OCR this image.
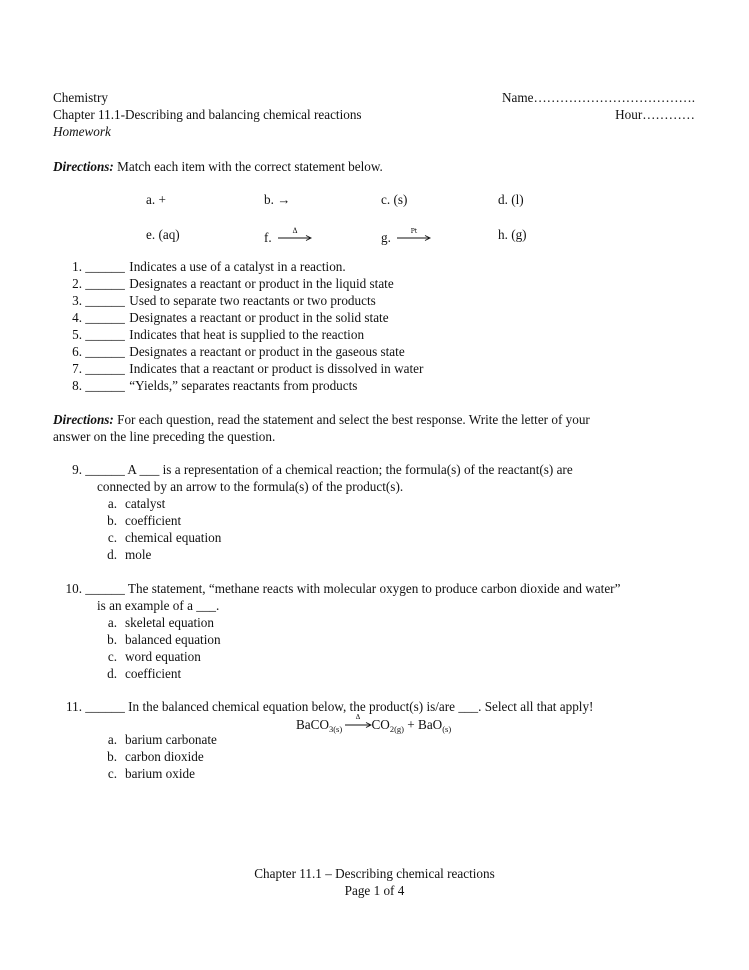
Chemistry
Chapter 11.1-Describing and balancing chemical reactions
Homework
Name……………………………….
Hour…………
Directions: Match each item with the correct statement below.
a. +	b. →	c. (s)	d. (l)
e. (aq)	f.	Δ	g.	Pt	h. (g)
1. ______ Indicates a use of a catalyst in a reaction.
2. ______ Designates a reactant or product in the liquid state
3. ______ Used to separate two reactants or two products
4. ______ Designates a reactant or product in the solid state
5. ______ Indicates that heat is supplied to the reaction
6. ______ Designates a reactant or product in the gaseous state
7. ______ Indicates that a reactant or product is dissolved in water
8. ______ “Yields,” separates reactants from products
Directions: For each question, read the statement and select the best response. Write the letter of your
answer on the line preceding the question.
9. ______ A ___ is a representation of a chemical reaction; the formula(s) of the reactant(s) are
connected by an arrow to the formula(s) of the product(s).
a. catalyst
b. coefficient
c. chemical equation
d. mole
10. ______ The statement, “methane reacts with molecular oxygen to produce carbon dioxide and water”
is an example of a ___.
a. skeletal equation
b. balanced equation
c. word equation
d. coefficient
11. ______ In the balanced chemical equation below, the product(s) is/are ___. Select all that apply!
BaCO$_{3(s)}$
Δ $CO_{2(g)} + BaO_{(s)}$
a. barium carbonate
b. carbon dioxide
c. barium oxide
Chapter 11.1 – Describing chemical reactions
Page 1 of 4
